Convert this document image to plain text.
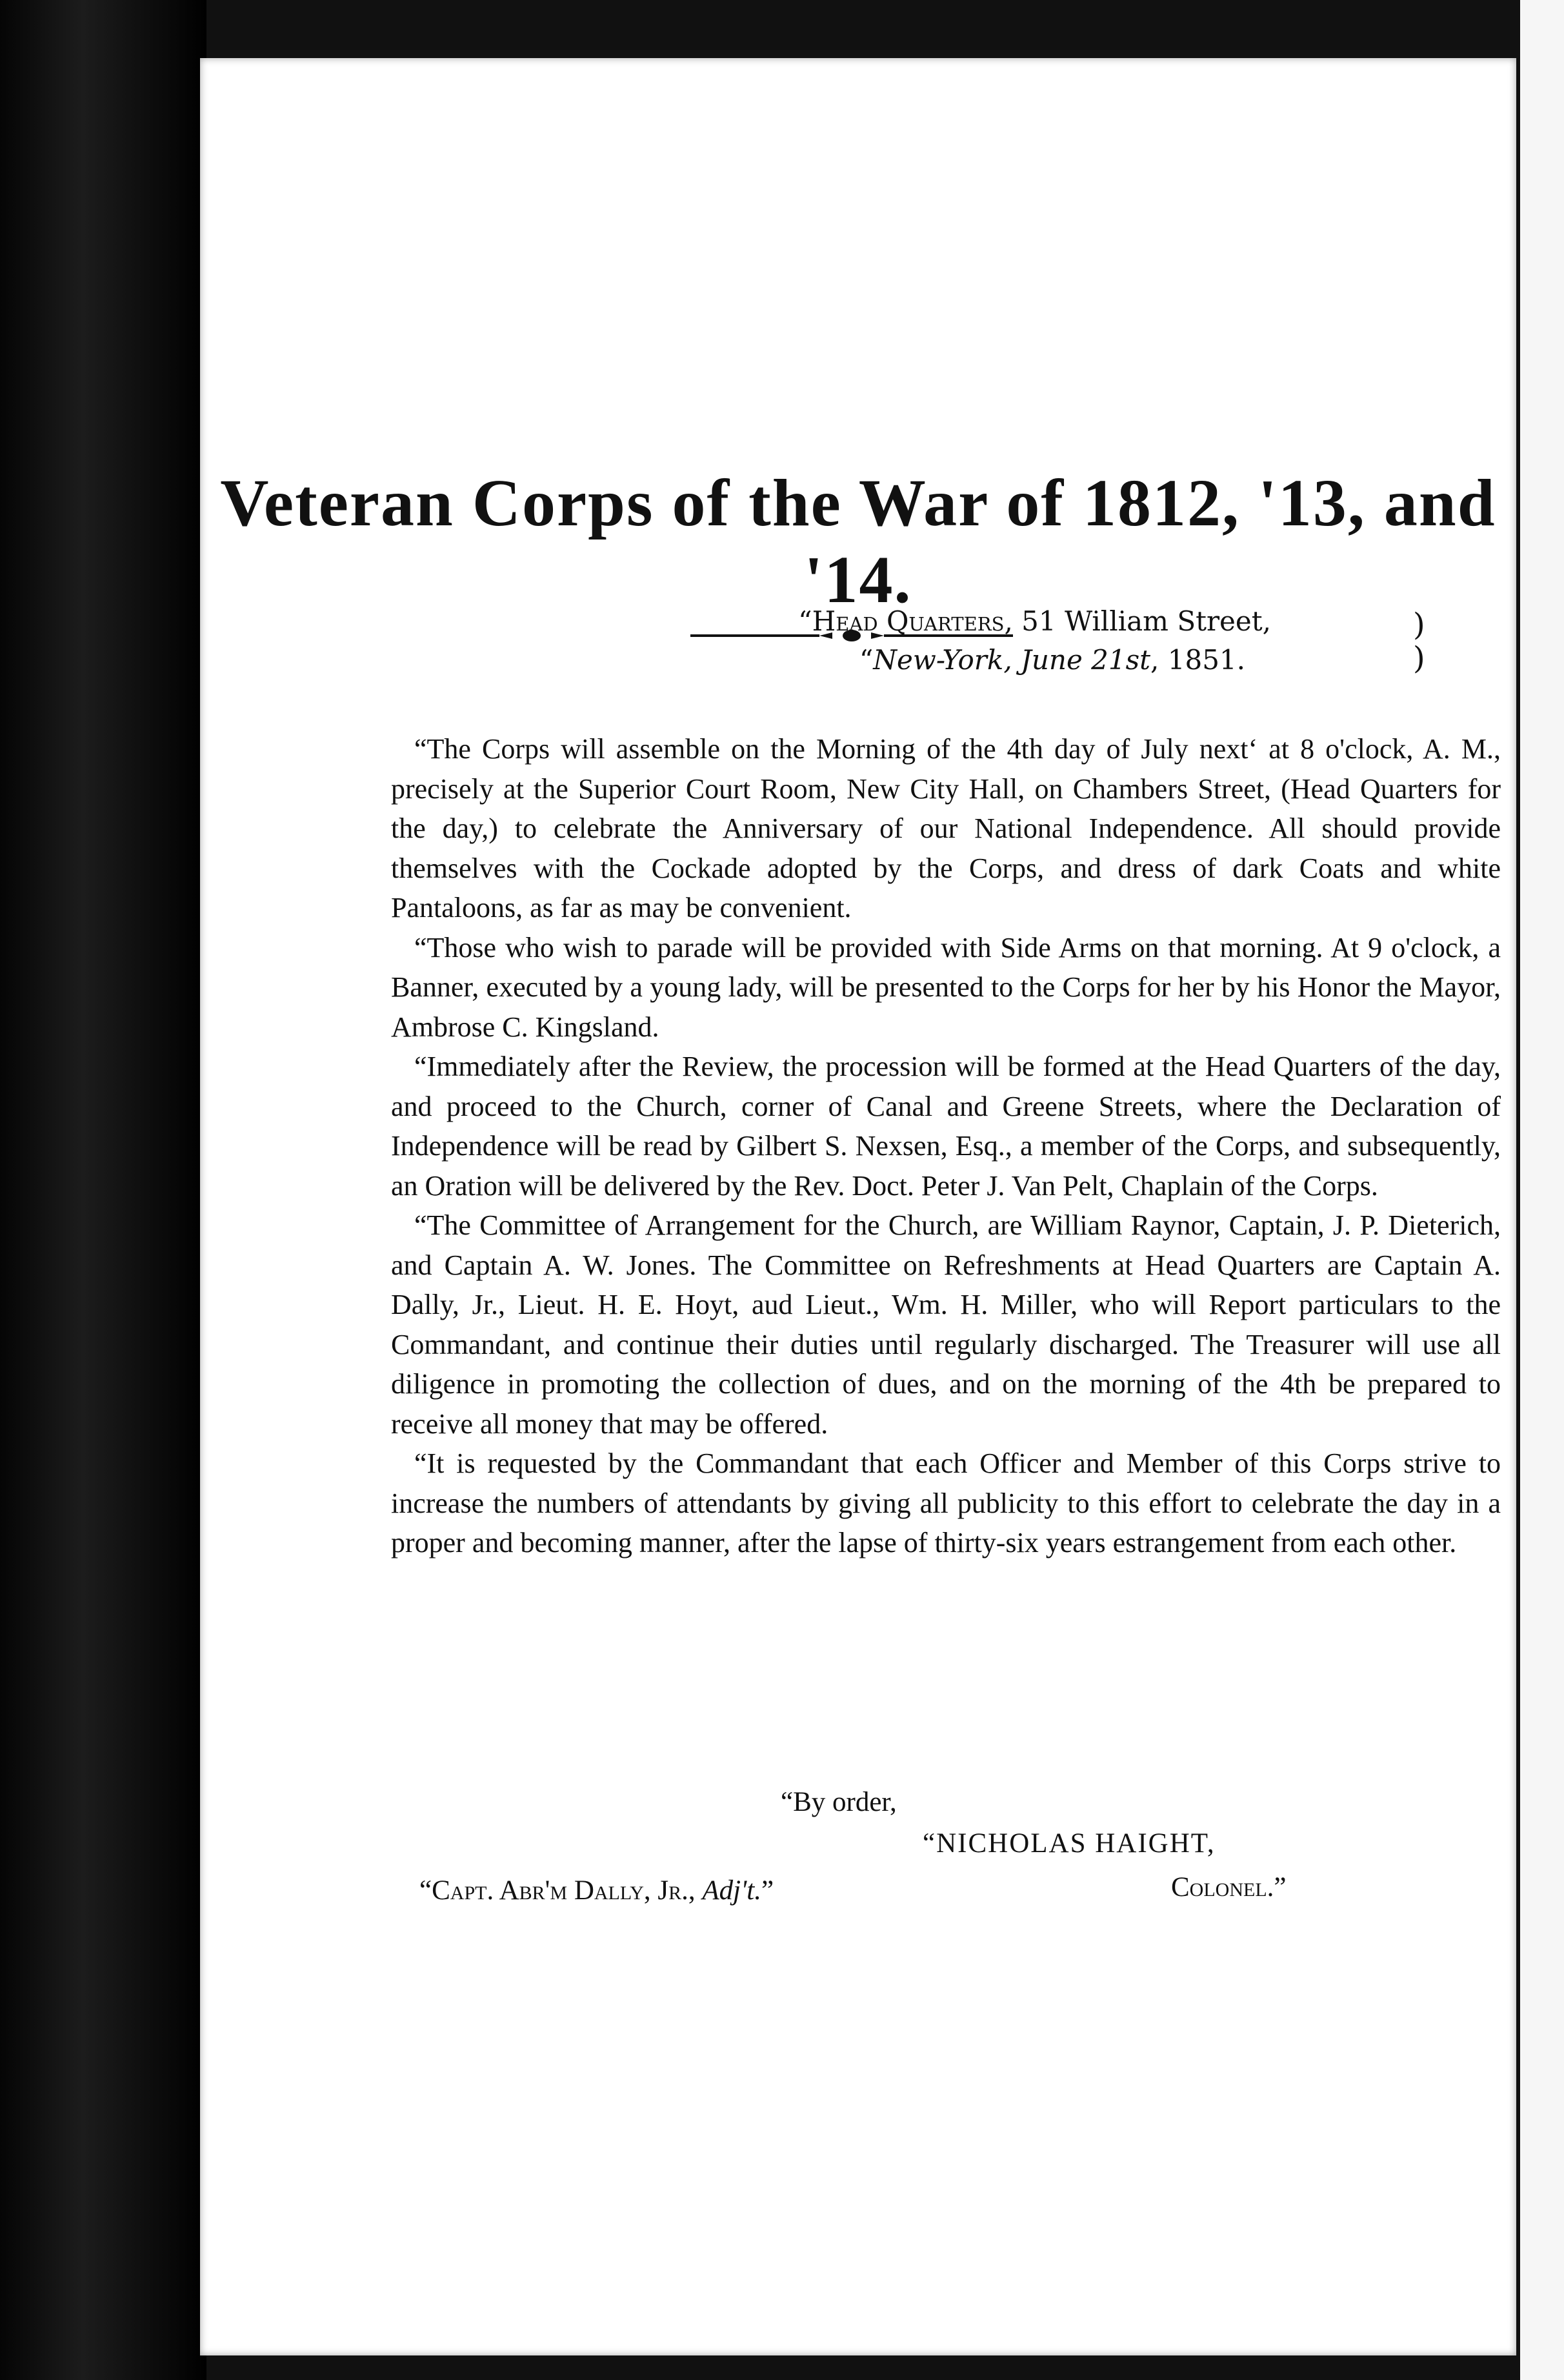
Veteran Corps of the War of 1812, '13, and '14.
“Head Quarters, 51 William Street,
“New-York, June 21st, 1851.
)
)

“The Corps will assemble on the Morning of the 4th day of July next‘ at 8 o'clock, A. M., precisely at the Superior Court Room, New City Hall, on Chambers Street, (Head Quarters for the day,) to celebrate the Anniversary of our National Independence. All should provide themselves with the Cockade adopted by the Corps, and dress of dark Coats and white Pantaloons, as far as may be convenient.

“Those who wish to parade will be provided with Side Arms on that morning. At 9 o'clock, a Banner, executed by a young lady, will be presented to the Corps for her by his Honor the Mayor, Ambrose C. Kingsland.

“Immediately after the Review, the procession will be formed at the Head Quarters of the day, and proceed to the Church, corner of Canal and Greene Streets, where the Declaration of Independence will be read by Gilbert S. Nexsen, Esq., a member of the Corps, and subsequently, an Oration will be delivered by the Rev. Doct. Peter J. Van Pelt, Chaplain of the Corps.

“The Committee of Arrangement for the Church, are William Raynor, Captain, J. P. Dieterich, and Captain A. W. Jones. The Committee on Refreshments at Head Quarters are Captain A. Dally, Jr., Lieut. H. E. Hoyt, aud Lieut., Wm. H. Miller, who will Report particulars to the Commandant, and continue their duties until regularly discharged. The Treasurer will use all diligence in promoting the collection of dues, and on the morning of the 4th be prepared to receive all money that may be offered.

“It is requested by the Commandant that each Officer and Member of this Corps strive to increase the numbers of attendants by giving all publicity to this effort to celebrate the day in a proper and becoming manner, after the lapse of thirty-six years estrangement from each other.

“By order,
“NICHOLAS HAIGHT,
“Capt. Abr'm Dally, Jr., Adj't.”	Colonel.”
